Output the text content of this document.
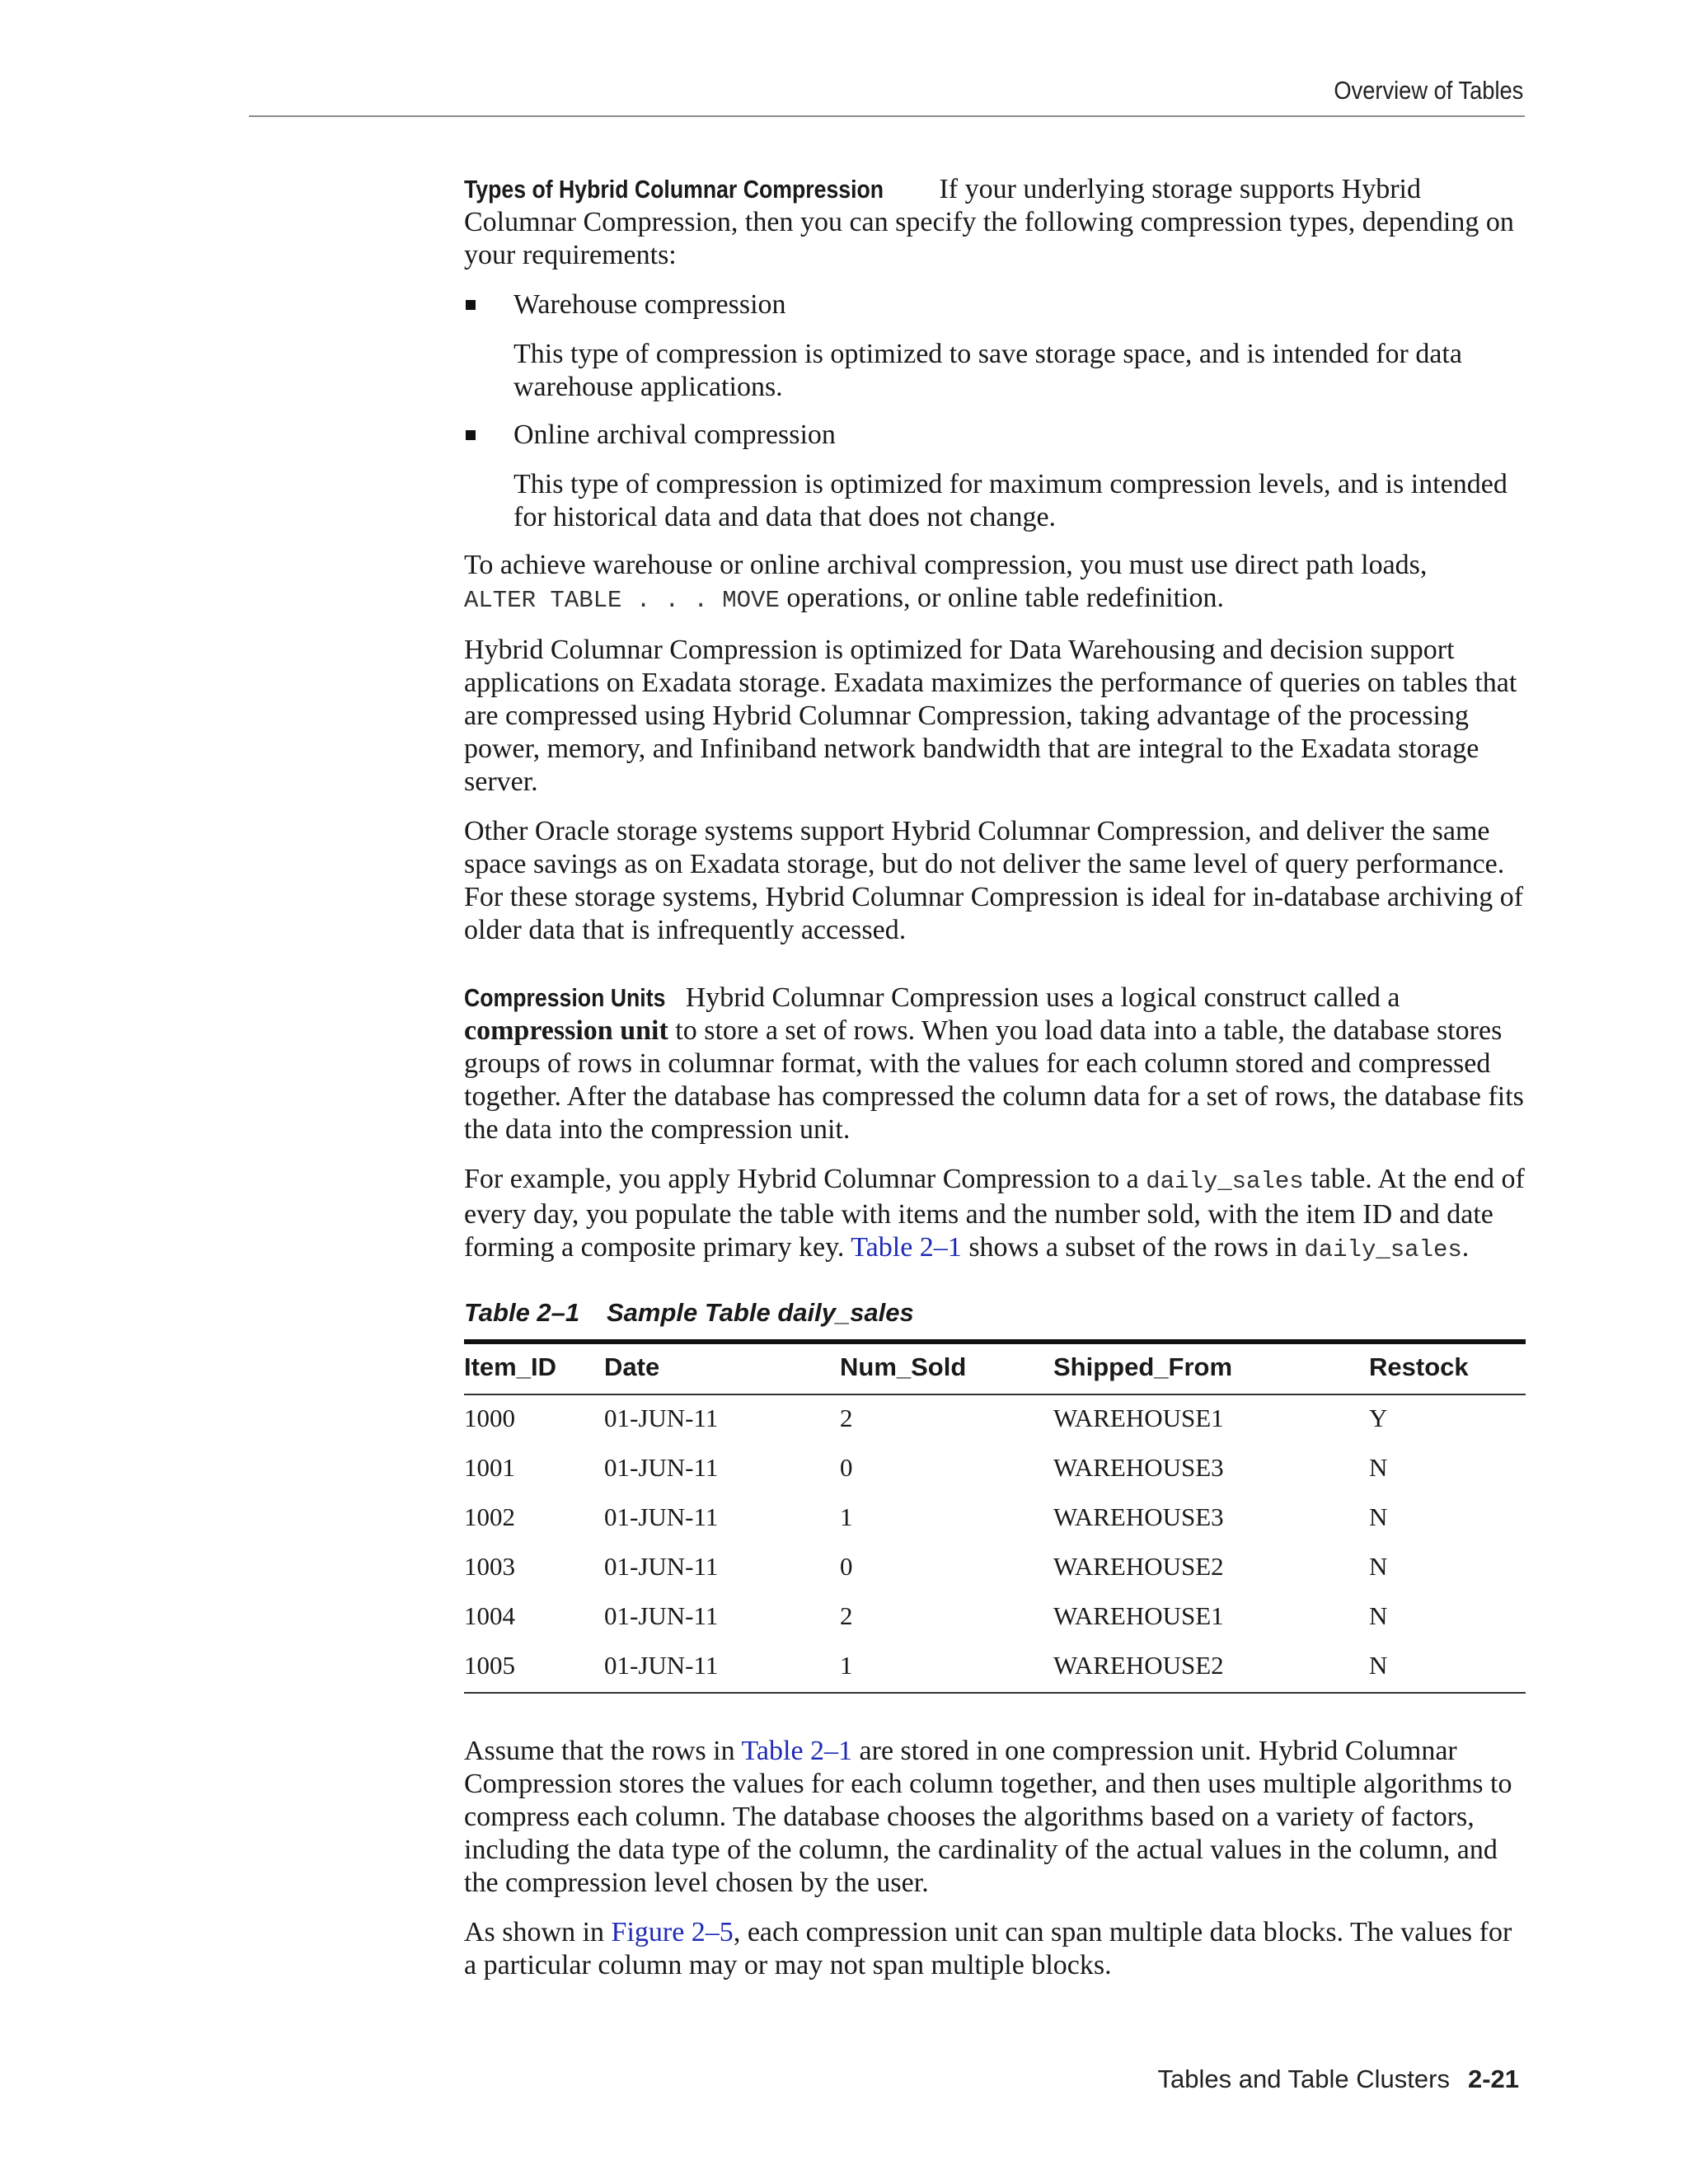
Overview of Tables

Types of Hybrid Columnar Compression If your underlying storage supports Hybrid Columnar Compression, then you can specify the following compression types, depending on your requirements:

Warehouse compression

This type of compression is optimized to save storage space, and is intended for data warehouse applications.

Online archival compression

This type of compression is optimized for maximum compression levels, and is intended for historical data and data that does not change.

To achieve warehouse or online archival compression, you must use direct path loads,
ALTER TABLE . . . MOVE operations, or online table redefinition.

Hybrid Columnar Compression is optimized for Data Warehousing and decision support applications on Exadata storage. Exadata maximizes the performance of queries on tables that are compressed using Hybrid Columnar Compression, taking advantage of the processing power, memory, and Infiniband network bandwidth that are integral to the Exadata storage server.

Other Oracle storage systems support Hybrid Columnar Compression, and deliver the same space savings as on Exadata storage, but do not deliver the same level of query performance. For these storage systems, Hybrid Columnar Compression is ideal for in-database archiving of older data that is infrequently accessed.

Compression Units Hybrid Columnar Compression uses a logical construct called a compression unit to store a set of rows. When you load data into a table, the database stores groups of rows in columnar format, with the values for each column stored and compressed together. After the database has compressed the column data for a set of rows, the database fits the data into the compression unit.

For example, you apply Hybrid Columnar Compression to a daily_sales table. At the end of every day, you populate the table with items and the number sold, with the item ID and date forming a composite primary key. Table 2–1 shows a subset of the rows in daily_sales.

Table 2–1 Sample Table daily_sales
Item_ID	Date	Num_Sold	Shipped_From	Restock
1000	01-JUN-11	2	WAREHOUSE1	Y
1001	01-JUN-11	0	WAREHOUSE3	N
1002	01-JUN-11	1	WAREHOUSE3	N
1003	01-JUN-11	0	WAREHOUSE2	N
1004	01-JUN-11	2	WAREHOUSE1	N
1005	01-JUN-11	1	WAREHOUSE2	N

Assume that the rows in Table 2–1 are stored in one compression unit. Hybrid Columnar Compression stores the values for each column together, and then uses multiple algorithms to compress each column. The database chooses the algorithms based on a variety of factors, including the data type of the column, the cardinality of the actual values in the column, and the compression level chosen by the user.

As shown in Figure 2–5, each compression unit can span multiple data blocks. The values for a particular column may or may not span multiple blocks.

Tables and Table Clusters 2-21
